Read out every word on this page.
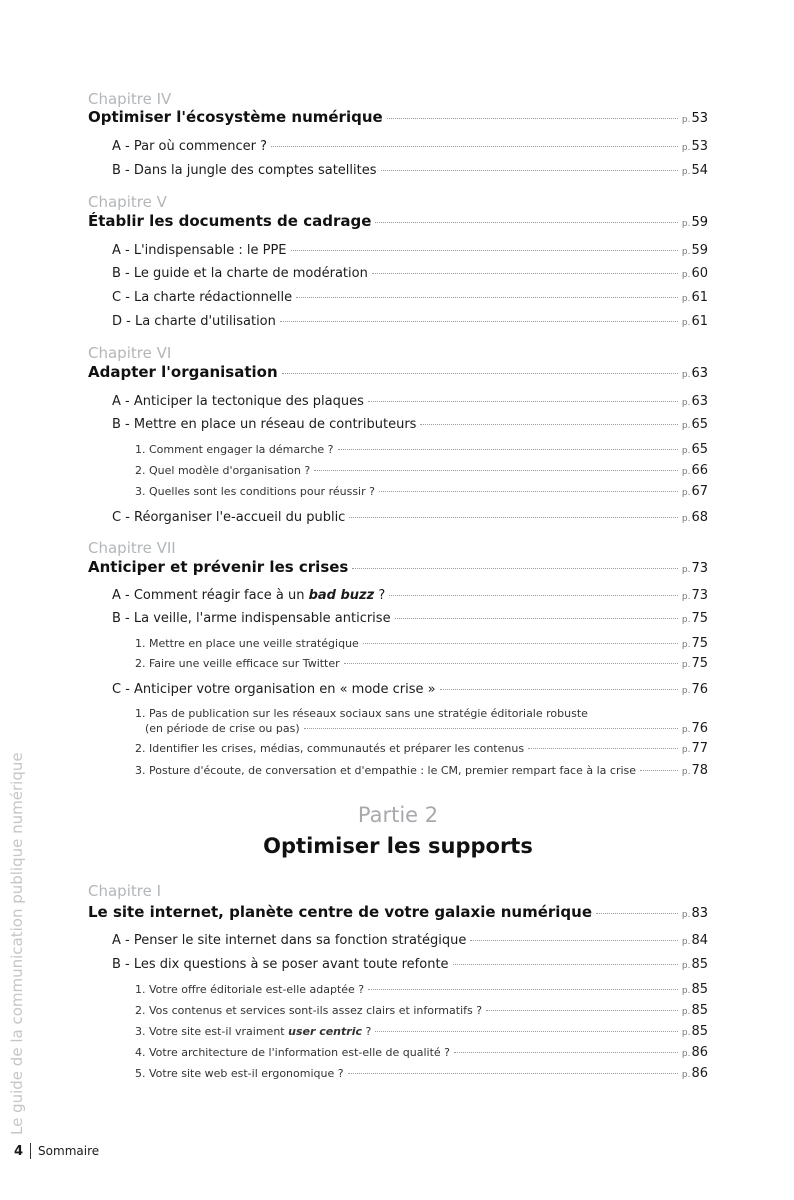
Le guide de la communication publique numérique
Chapitre IV
Optimiser l'écosystème numérique	p.53
A - Par où commencer ?	p.53
B - Dans la jungle des comptes satellites	p.54
Chapitre V
Établir les documents de cadrage	p.59
A - L'indispensable : le PPE	p.59
B - Le guide et la charte de modération	p.60
C - La charte rédactionnelle	p.61
D - La charte d'utilisation	p.61
Chapitre VI
Adapter l'organisation	p.63
A - Anticiper la tectonique des plaques	p.63
B - Mettre en place un réseau de contributeurs	p.65
1. Comment engager la démarche ?	p.65
2. Quel modèle d'organisation ?	p.66
3. Quelles sont les conditions pour réussir ?	p.67
C - Réorganiser l'e-accueil du public	p.68
Chapitre VII
Anticiper et prévenir les crises	p.73
A - Comment réagir face à un bad buzz ?	p.73
B - La veille, l'arme indispensable anticrise	p.75
1. Mettre en place une veille stratégique	p.75
2. Faire une veille efficace sur Twitter	p.75
C - Anticiper votre organisation en « mode crise »	p.76
1. Pas de publication sur les réseaux sociaux sans une stratégie éditoriale robuste
(en période de crise ou pas)	p.76
2. Identifier les crises, médias, communautés et préparer les contenus	p.77
3. Posture d'écoute, de conversation et d'empathie : le CM, premier rempart face à la crise	p.78
Partie 2
Optimiser les supports
Chapitre I
Le site internet, planète centre de votre galaxie numérique	p.83
A - Penser le site internet dans sa fonction stratégique	p.84
B - Les dix questions à se poser avant toute refonte	p.85
1. Votre offre éditoriale est-elle adaptée ?	p.85
2. Vos contenus et services sont-ils assez clairs et informatifs ?	p.85
3. Votre site est-il vraiment user centric ?	p.85
4. Votre architecture de l'information est-elle de qualité ?	p.86
5. Votre site web est-il ergonomique ?	p.86
4 Sommaire
